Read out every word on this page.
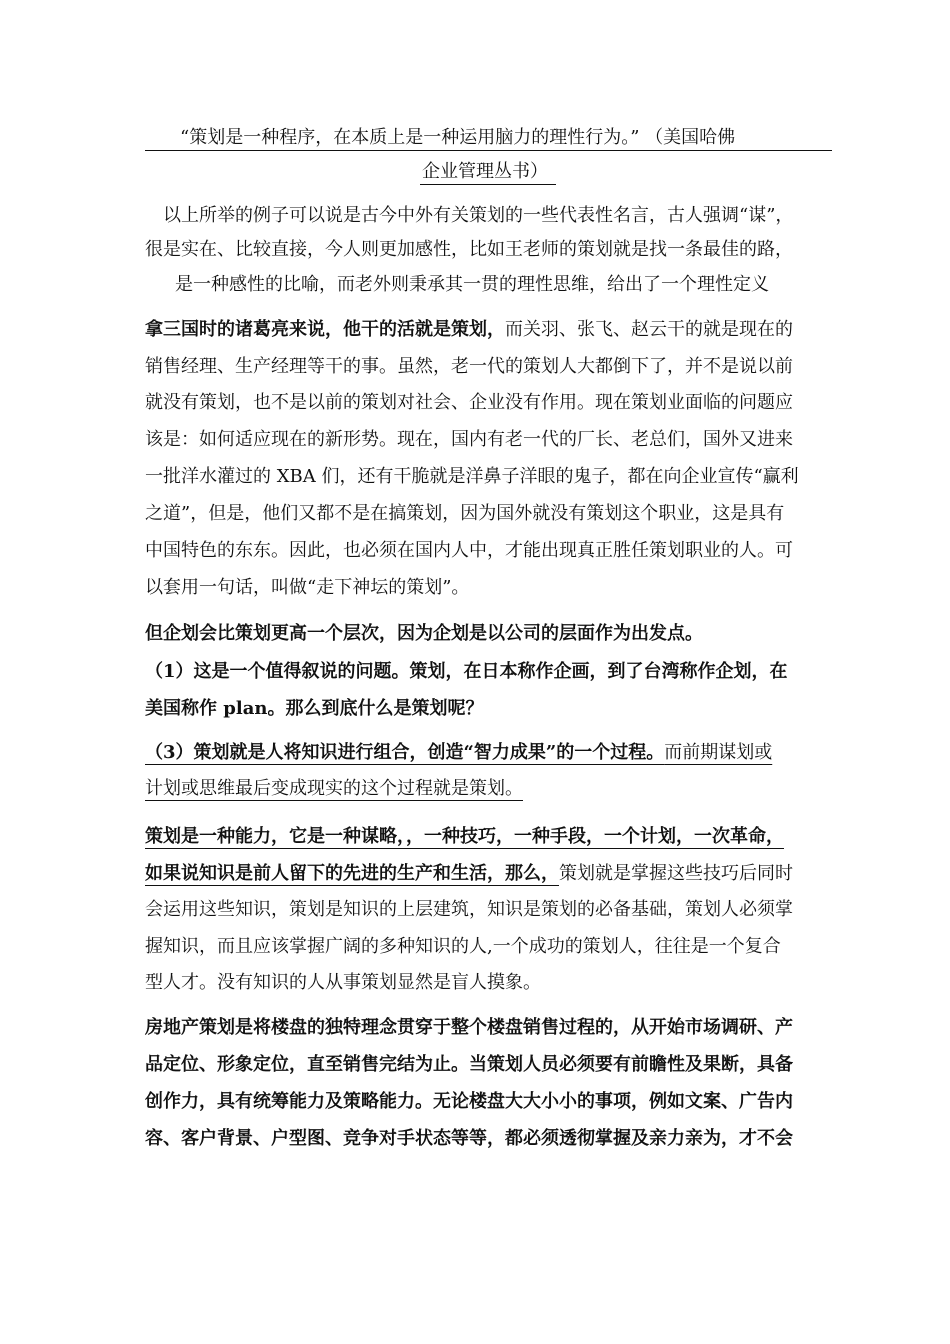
“策划是一种程序，在本质上是一种运用脑力的理性行为。” （美国哈佛
企业管理丛书）
以上所举的例子可以说是古今中外有关策划的一些代表性名言，古人强调“谋”，
很是实在、比较直接，今人则更加感性，比如王老师的策划就是找一条最佳的路，
是一种感性的比喻，而老外则秉承其一贯的理性思维，给出了一个理性定义
拿三国时的诸葛亮来说，他干的活就是策划，而关羽、张飞、赵云干的就是现在的
销售经理、生产经理等干的事。虽然，老一代的策划人大都倒下了，并不是说以前
就没有策划，也不是以前的策划对社会、企业没有作用。现在策划业面临的问题应
该是：如何适应现在的新形势。现在，国内有老一代的厂长、老总们，国外又进来
一批洋水灌过的 XBA 们，还有干脆就是洋鼻子洋眼的鬼子，都在向企业宣传“赢利
之道”，但是，他们又都不是在搞策划，因为国外就没有策划这个职业，这是具有
中国特色的东东。因此，也必须在国内人中，才能出现真正胜任策划职业的人。可
以套用一句话，叫做“走下神坛的策划”。
但企划会比策划更高一个层次，因为企划是以公司的层面作为出发点。
（1）这是一个值得叙说的问题。策划，在日本称作企画，到了台湾称作企划，在
美国称作 plan。那么到底什么是策划呢？
（3）策划就是人将知识进行组合，创造“智力成果”的一个过程。而前期谋划或
计划或思维最后变成现实的这个过程就是策划。
策划是一种能力，它是一种谋略，，一种技巧，一种手段，一个计划，一次革命，
如果说知识是前人留下的先进的生产和生活，那么，策划就是掌握这些技巧后同时
会运用这些知识，策划是知识的上层建筑，知识是策划的必备基础，策划人必须掌
握知识，而且应该掌握广阔的多种知识的人,一个成功的策划人，往往是一个复合
型人才。没有知识的人从事策划显然是盲人摸象。
房地产策划是将楼盘的独特理念贯穿于整个楼盘销售过程的，从开始市场调研、产
品定位、形象定位，直至销售完结为止。当策划人员必须要有前瞻性及果断，具备
创作力，具有统筹能力及策略能力。无论楼盘大大小小的事项，例如文案、广告内
容、客户背景、户型图、竞争对手状态等等，都必须透彻掌握及亲力亲为，才不会
